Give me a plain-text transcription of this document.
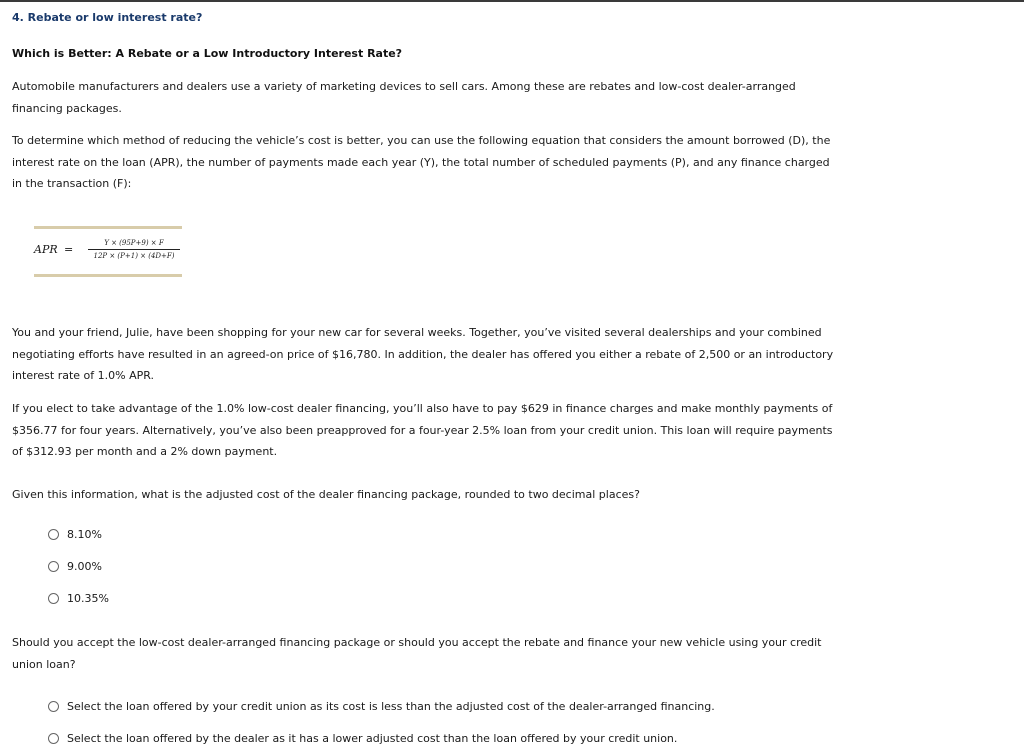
4. Rebate or low interest rate?
Which is Better: A Rebate or a Low Introductory Interest Rate?
Automobile manufacturers and dealers use a variety of marketing devices to sell cars. Among these are rebates and low-cost dealer-arranged financing packages.
To determine which method of reducing the vehicle’s cost is better, you can use the following equation that considers the amount borrowed (D), the interest rate on the loan (APR), the number of payments made each year (Y), the total number of scheduled payments (P), and any finance charged in the transaction (F):
APR = $\frac{Y \times (95P+9) \times F}{12P \times (P+1) \times (4D+F)}$
You and your friend, Julie, have been shopping for your new car for several weeks. Together, you’ve visited several dealerships and your combined negotiating efforts have resulted in an agreed-on price of $16,780. In addition, the dealer has offered you either a rebate of 2,500 or an introductory interest rate of 1.0% APR.
If you elect to take advantage of the 1.0% low-cost dealer financing, you’ll also have to pay $629 in finance charges and make monthly payments of $356.77 for four years. Alternatively, you’ve also been preapproved for a four-year 2.5% loan from your credit union. This loan will require payments of $312.93 per month and a 2% down payment.
Given this information, what is the adjusted cost of the dealer financing package, rounded to two decimal places?
8.10%
9.00%
10.35%
Should you accept the low-cost dealer-arranged financing package or should you accept the rebate and finance your new vehicle using your credit union loan?
Select the loan offered by your credit union as its cost is less than the adjusted cost of the dealer-arranged financing.
Select the loan offered by the dealer as it has a lower adjusted cost than the loan offered by your credit union.
